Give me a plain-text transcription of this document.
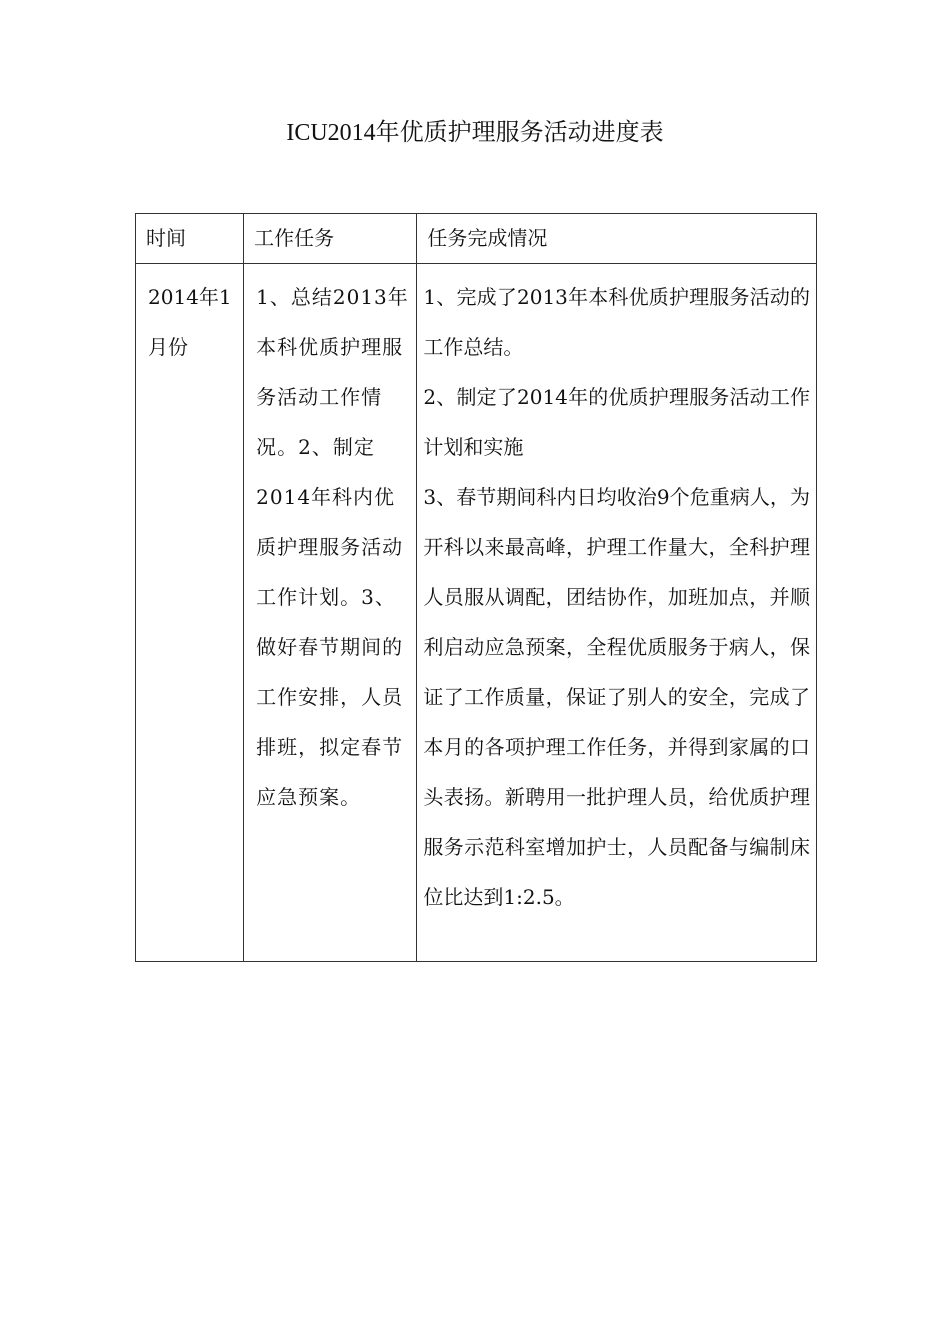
ICU2014年优质护理服务活动进度表
时间	工作任务	任务完成情况
2014年1月份	1、总结2013年本科优质护理服务活动工作情况。2、制定2014年科内优质护理服务活动工作计划。3、做好春节期间的工作安排，人员排班，拟定春节应急预案。	1、完成了2013年本科优质护理服务活动的工作总结。
2、制定了2014年的优质护理服务活动工作计划和实施
3、春节期间科内日均收治9个危重病人，为开科以来最高峰，护理工作量大，全科护理人员服从调配，团结协作，加班加点，并顺利启动应急预案，全程优质服务于病人，保证了工作质量，保证了别人的安全，完成了本月的各项护理工作任务，并得到家属的口头表扬。新聘用一批护理人员，给优质护理服务示范科室增加护士，人员配备与编制床位比达到1:2.5。
